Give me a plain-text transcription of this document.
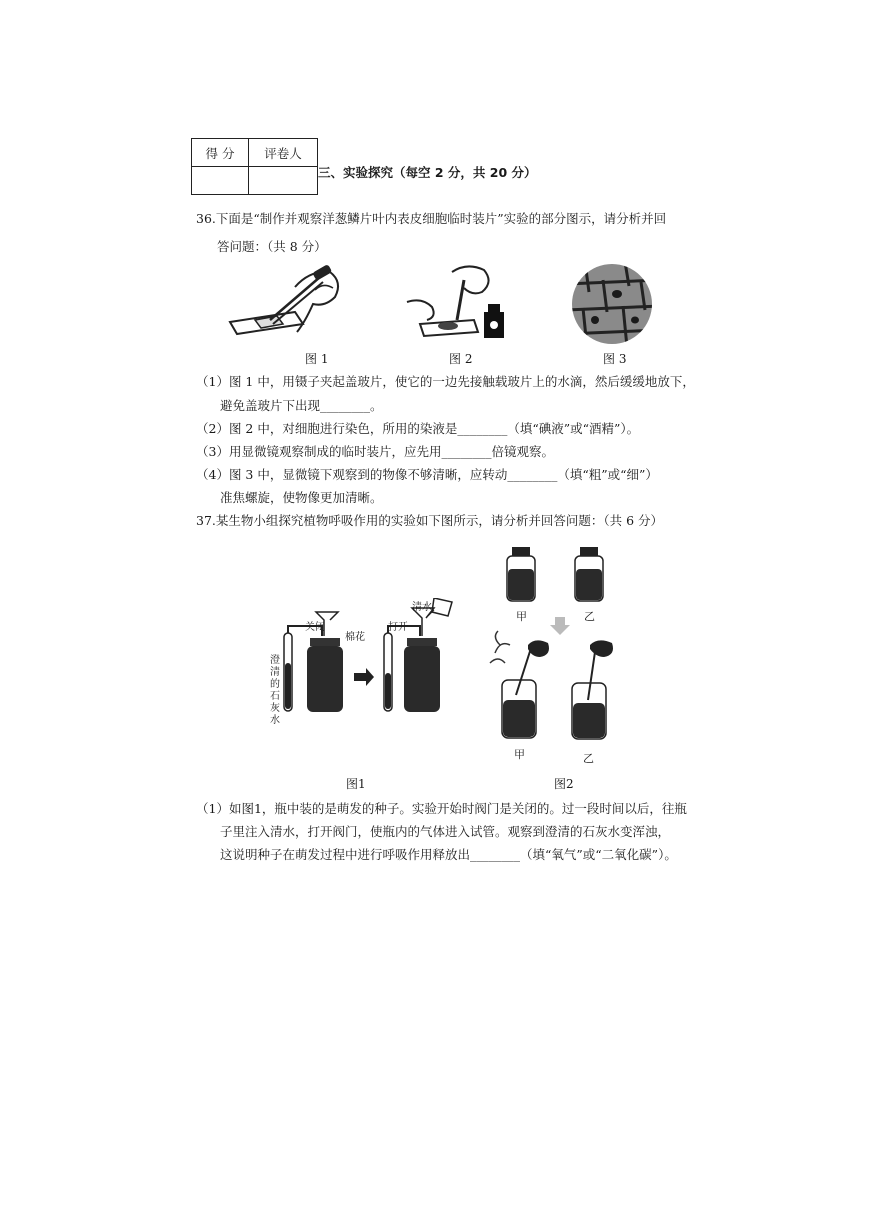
得 分	评卷人

三、实验探究（每空 2 分，共 20 分）
36.下面是“制作并观察洋葱鳞片叶内表皮细胞临时装片”实验的部分图示，请分析并回
答问题：（共 8 分）
图 1	图 2	图 3
（1）图 1 中，用镊子夹起盖玻片，使它的一边先接触载玻片上的水滴，然后缓缓地放下，
避免盖玻片下出现________。
（2）图 2 中，对细胞进行染色，所用的染液是________（填“碘液”或“酒精”）。
（3）用显微镜观察制成的临时装片，应先用________倍镜观察。
（4）图 3 中，显微镜下观察到的物像不够清晰，应转动________（填“粗”或“细”）
准焦螺旋，使物像更加清晰。
37.某生物小组探究植物呼吸作用的实验如下图所示，请分析并回答问题：（共 6 分）
澄清的石灰水
关闭
棉花
打开
清水
甲	乙
甲	乙
图1	图2
（1）如图1，瓶中装的是萌发的种子。实验开始时阀门是关闭的。过一段时间以后，往瓶
子里注入清水，打开阀门，使瓶内的气体进入试管。观察到澄清的石灰水变浑浊，
这说明种子在萌发过程中进行呼吸作用释放出________（填“氧气”或“二氧化碳”）。
